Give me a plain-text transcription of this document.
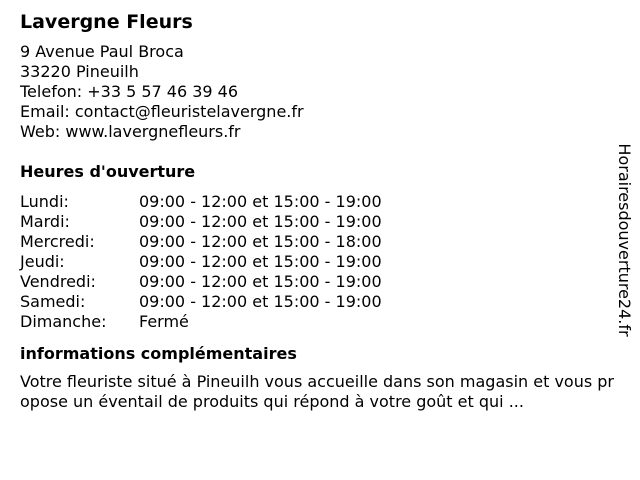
Lavergne Fleurs
9 Avenue Paul Broca
33220 Pineuilh
Telefon: +33 5 57 46 39 46
Email: contact@fleuristelavergne.fr
Web: www.lavergnefleurs.fr
Heures d'ouverture
Lundi:	09:00 - 12:00 et 15:00 - 19:00
Mardi:	09:00 - 12:00 et 15:00 - 19:00
Mercredi:	09:00 - 12:00 et 15:00 - 18:00
Jeudi:	09:00 - 12:00 et 15:00 - 19:00
Vendredi:	09:00 - 12:00 et 15:00 - 19:00
Samedi:	09:00 - 12:00 et 15:00 - 19:00
Dimanche: Fermé
informations complémentaires
Votre fleuriste situé à Pineuilh vous accueille dans son magasin et vous propose un éventail de produits qui répond à votre goût et qui ...
Horairesdouverture24.fr
